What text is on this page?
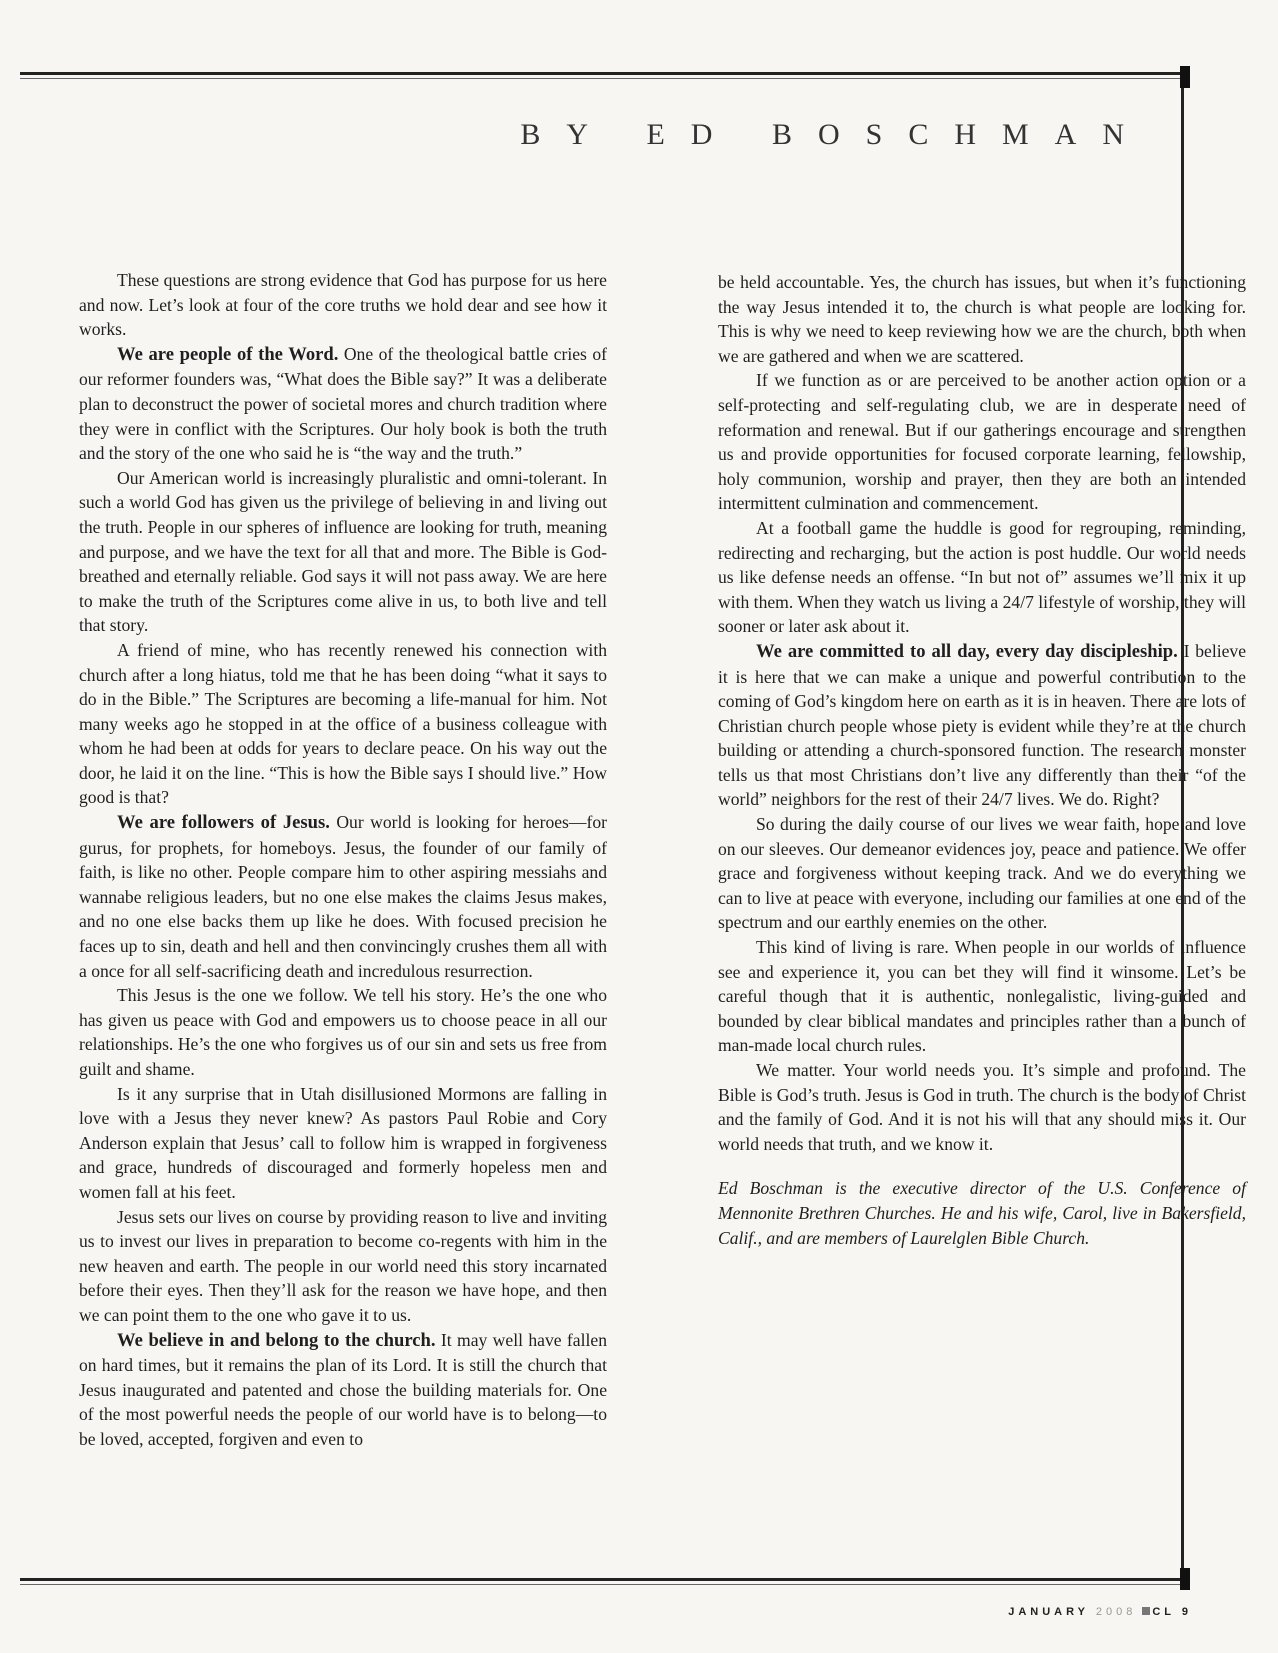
BY ED BOSCHMAN

These questions are strong evidence that God has purpose for us here and now. Let’s look at four of the core truths we hold dear and see how it works.

We are people of the Word. One of the theological battle cries of our reformer founders was, “What does the Bible say?” It was a deliberate plan to deconstruct the power of societal mores and church tradition where they were in conflict with the Scriptures. Our holy book is both the truth and the story of the one who said he is “the way and the truth.”

Our American world is increasingly pluralistic and omni-tolerant. In such a world God has given us the privilege of believing in and living out the truth. People in our spheres of influence are looking for truth, meaning and purpose, and we have the text for all that and more. The Bible is God-breathed and eternally reliable. God says it will not pass away. We are here to make the truth of the Scriptures come alive in us, to both live and tell that story.

A friend of mine, who has recently renewed his connection with church after a long hiatus, told me that he has been doing “what it says to do in the Bible.” The Scriptures are becoming a life-manual for him. Not many weeks ago he stopped in at the office of a business colleague with whom he had been at odds for years to declare peace. On his way out the door, he laid it on the line. “This is how the Bible says I should live.” How good is that?

We are followers of Jesus. Our world is looking for heroes—for gurus, for prophets, for homeboys. Jesus, the founder of our family of faith, is like no other. People compare him to other aspiring messiahs and wannabe religious leaders, but no one else makes the claims Jesus makes, and no one else backs them up like he does. With focused precision he faces up to sin, death and hell and then convincingly crushes them all with a once for all self-sacrificing death and incredulous resurrection.

This Jesus is the one we follow. We tell his story. He’s the one who has given us peace with God and empowers us to choose peace in all our relationships. He’s the one who forgives us of our sin and sets us free from guilt and shame.

Is it any surprise that in Utah disillusioned Mormons are falling in love with a Jesus they never knew? As pastors Paul Robie and Cory Anderson explain that Jesus’ call to follow him is wrapped in forgiveness and grace, hundreds of discouraged and formerly hopeless men and women fall at his feet.

Jesus sets our lives on course by providing reason to live and inviting us to invest our lives in preparation to become co-regents with him in the new heaven and earth. The people in our world need this story incarnated before their eyes. Then they’ll ask for the reason we have hope, and then we can point them to the one who gave it to us.

We believe in and belong to the church. It may well have fallen on hard times, but it remains the plan of its Lord. It is still the church that Jesus inaugurated and patented and chose the building materials for. One of the most powerful needs the people of our world have is to belong—to be loved, accepted, forgiven and even to

be held accountable. Yes, the church has issues, but when it’s functioning the way Jesus intended it to, the church is what people are looking for. This is why we need to keep reviewing how we are the church, both when we are gathered and when we are scattered.

If we function as or are perceived to be another action option or a self-protecting and self-regulating club, we are in desperate need of reformation and renewal. But if our gatherings encourage and strengthen us and provide opportunities for focused corporate learning, fellowship, holy communion, worship and prayer, then they are both an intended intermittent culmination and commencement.

At a football game the huddle is good for regrouping, reminding, redirecting and recharging, but the action is post huddle. Our world needs us like defense needs an offense. “In but not of” assumes we’ll mix it up with them. When they watch us living a 24/7 lifestyle of worship, they will sooner or later ask about it.

We are committed to all day, every day discipleship. I believe it is here that we can make a unique and powerful contribution to the coming of God’s kingdom here on earth as it is in heaven. There are lots of Christian church people whose piety is evident while they’re at the church building or attending a church-sponsored function. The research monster tells us that most Christians don’t live any differently than their “of the world” neighbors for the rest of their 24/7 lives. We do. Right?

So during the daily course of our lives we wear faith, hope and love on our sleeves. Our demeanor evidences joy, peace and patience. We offer grace and forgiveness without keeping track. And we do everything we can to live at peace with everyone, including our families at one end of the spectrum and our earthly enemies on the other.

This kind of living is rare. When people in our worlds of influence see and experience it, you can bet they will find it winsome. Let’s be careful though that it is authentic, nonlegalistic, living-guided and bounded by clear biblical mandates and principles rather than a bunch of man-made local church rules.

We matter. Your world needs you. It’s simple and profound. The Bible is God’s truth. Jesus is God in truth. The church is the body of Christ and the family of God. And it is not his will that any should miss it. Our world needs that truth, and we know it.

Ed Boschman is the executive director of the U.S. Conference of Mennonite Brethren Churches. He and his wife, Carol, live in Bakersfield, Calif., and are members of Laurelglen Bible Church.

JANUARY 2008 CL 9
